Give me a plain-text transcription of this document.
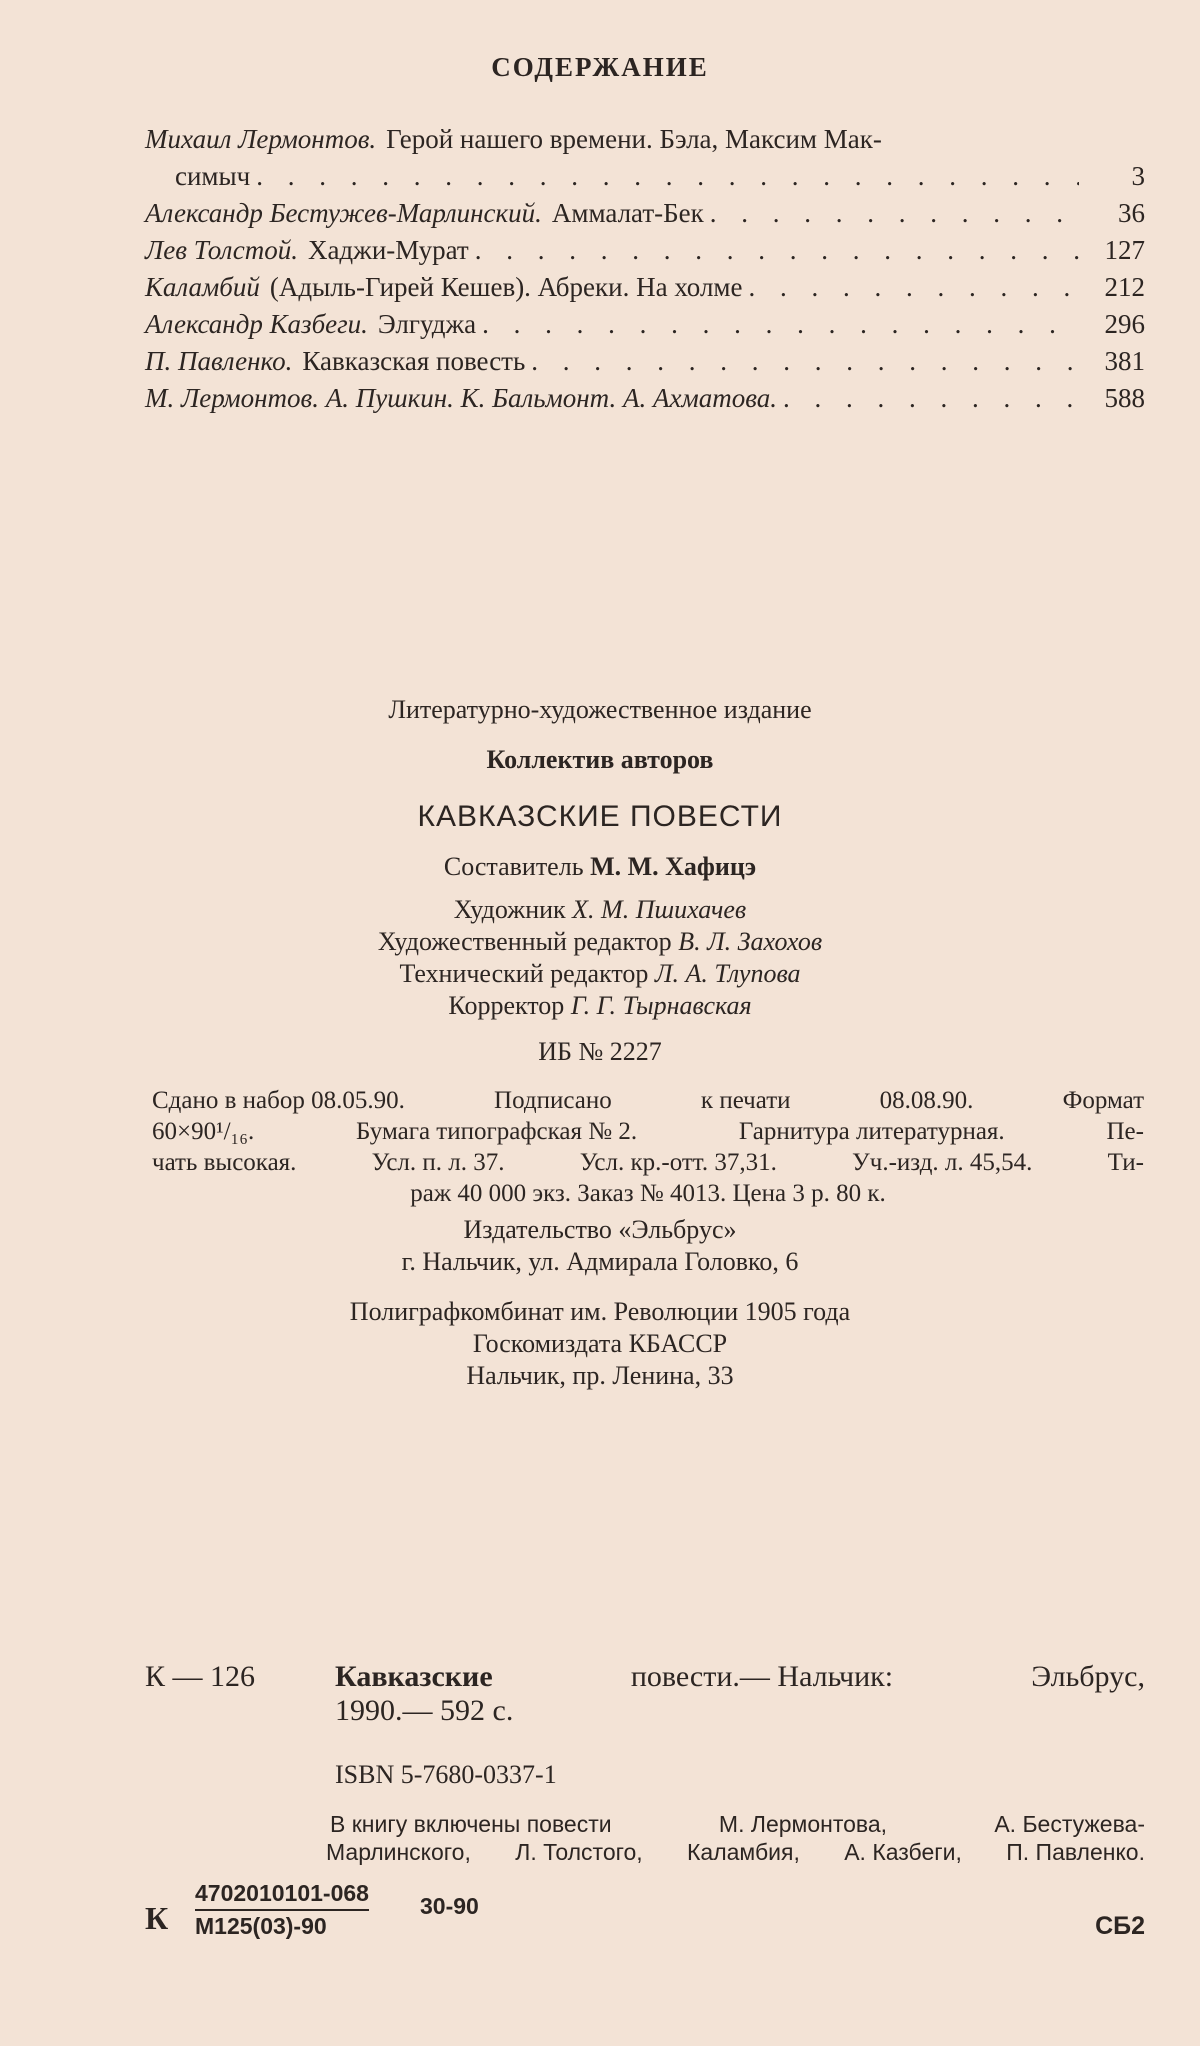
СОДЕРЖАНИЕ
Михаил Лермонтов. Герой нашего времени. Бэла, Максим Мак-
симыч . . .	3
Александр Бестужев-Марлинский. Аммалат-Бек . . .	36
Лев Толстой. Хаджи-Мурат . . .	127
Каламбий (Адыль-Гирей Кешев). Абреки. На холме . . .	212
Александр Казбеги. Элгуджа . . .	296
П. Павленко. Кавказская повесть . . .	381
М. Лермонтов. А. Пушкин. К. Бальмонт. А. Ахматова. . . .	588
Литературно-художественное издание
Коллектив авторов
КАВКАЗСКИЕ ПОВЕСТИ
Составитель М. М. Хафицэ
Художник Х. М. Пшихачев
Художественный редактор В. Л. Захохов
Технический редактор Л. А. Тлупова
Корректор Г. Г. Тырнавская
ИБ № 2227
Сдано в набор 08.05.90.	Подписано	к печати	08.08.90.	Формат
60×90¹/₁₆.	Бумага типографская № 2.	Гарнитура литературная.	Пе-
чать высокая.	Усл. п. л. 37.	Усл. кр.-отт. 37,31.	Уч.-изд. л. 45,54.	Ти-
раж 40 000 экз. Заказ № 4013. Цена 3 р. 80 к.
Издательство «Эльбрус»
г. Нальчик, ул. Адмирала Головко, 6
Полиграфкомбинат им. Революции 1905 года
Госкомиздата КБАССР
Нальчик, пр. Ленина, 33
К — 126	Кавказские	повести.— Нальчик:	Эльбрус,
1990.— 592 с.
ISBN 5-7680-0337-1
В книгу включены повести	М. Лермонтова,	А. Бестужева-
Марлинского, Л. Толстого, Каламбия, А. Казбеги, П. Павленко.
К
4702010101-068
М125(03)-90
30-90
СБ2
